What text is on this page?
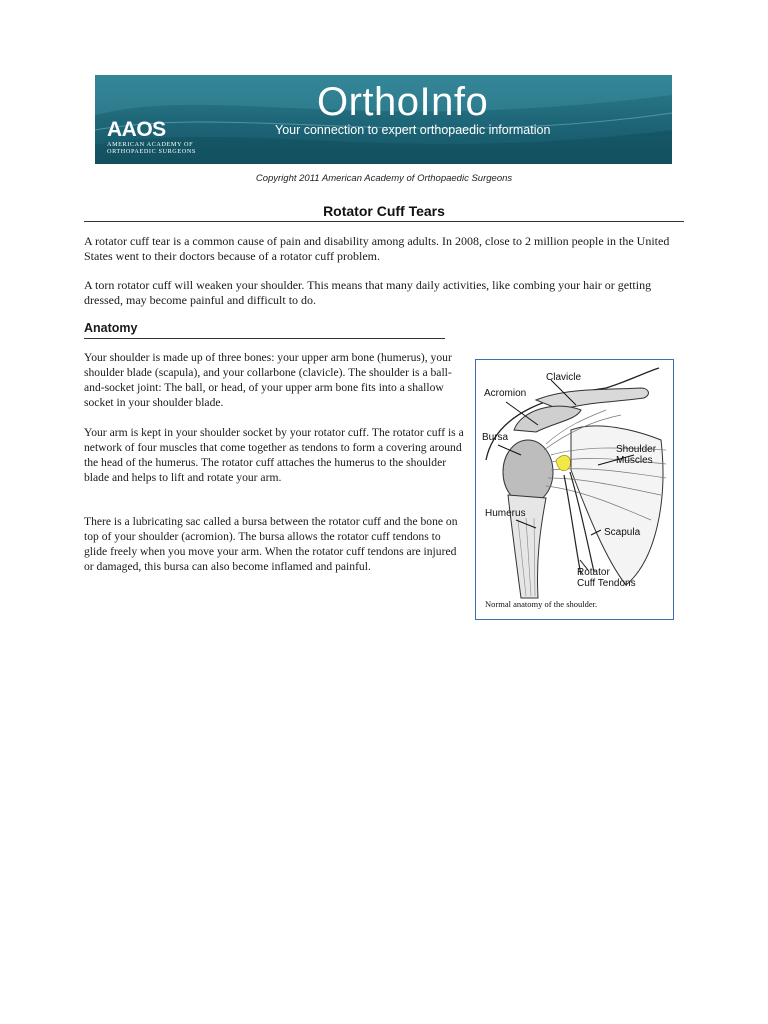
AAOS
AMERICAN ACADEMY OF
ORTHOPAEDIC SURGEONS
OrthoInfo
Your connection to expert orthopaedic information
Copyright 2011 American Academy of Orthopaedic Surgeons
Rotator Cuff Tears
A rotator cuff tear is a common cause of pain and disability among adults. In 2008, close to 2 million people in the United States went to their doctors because of a rotator cuff problem.
A torn rotator cuff will weaken your shoulder. This means that many daily activities, like combing your hair or getting dressed, may become painful and difficult to do.
Anatomy
Your shoulder is made up of three bones: your upper arm bone (humerus), your shoulder blade (scapula), and your collarbone (clavicle). The shoulder is a ball-and-socket joint: The ball, or head, of your upper arm bone fits into a shallow socket in your shoulder blade.
Your arm is kept in your shoulder socket by your rotator cuff. The rotator cuff is a network of four muscles that come together as tendons to form a covering around the head of the humerus. The rotator cuff attaches the humerus to the shoulder blade and helps to lift and rotate your arm.
There is a lubricating sac called a bursa between the rotator cuff and the bone on top of your shoulder (acromion). The bursa allows the rotator cuff tendons to glide freely when you move your arm. When the rotator cuff tendons are injured or damaged, this bursa can also become inflamed and painful.
Clavicle
Acromion
Bursa
Shoulder
Muscles
Humerus
Scapula
Rotator
Cuff Tendons
Normal anatomy of the shoulder.
